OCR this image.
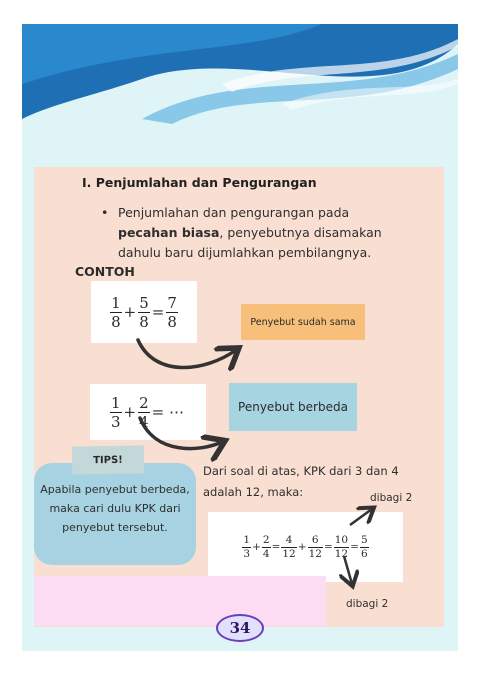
I. Penjumlahan dan Pengurangan
• Penjumlahan dan pengurangan pada pecahan biasa, penyebutnya disamakan dahulu baru dijumlahkan pembilangnya.
CONTOH
$\frac{1}{8} + \frac{5}{8} = \frac{7}{8}$	Penyebut sudah sama
$\frac{1}{3} + \frac{2}{4}$ = ⋯	Penyebut berbeda
Apabila penyebut berbeda, maka cari dulu KPK dari penyebut tersebut.
TIPS!
Dari soal di atas, KPK dari 3 dan 4 adalah 12, maka:	dibagi 2
$\frac{1}{3} + \frac{2}{4} = \frac{4}{12} + \frac{6}{12} = \frac{10}{12} = \frac{5}{6}$
dibagi 2
34
